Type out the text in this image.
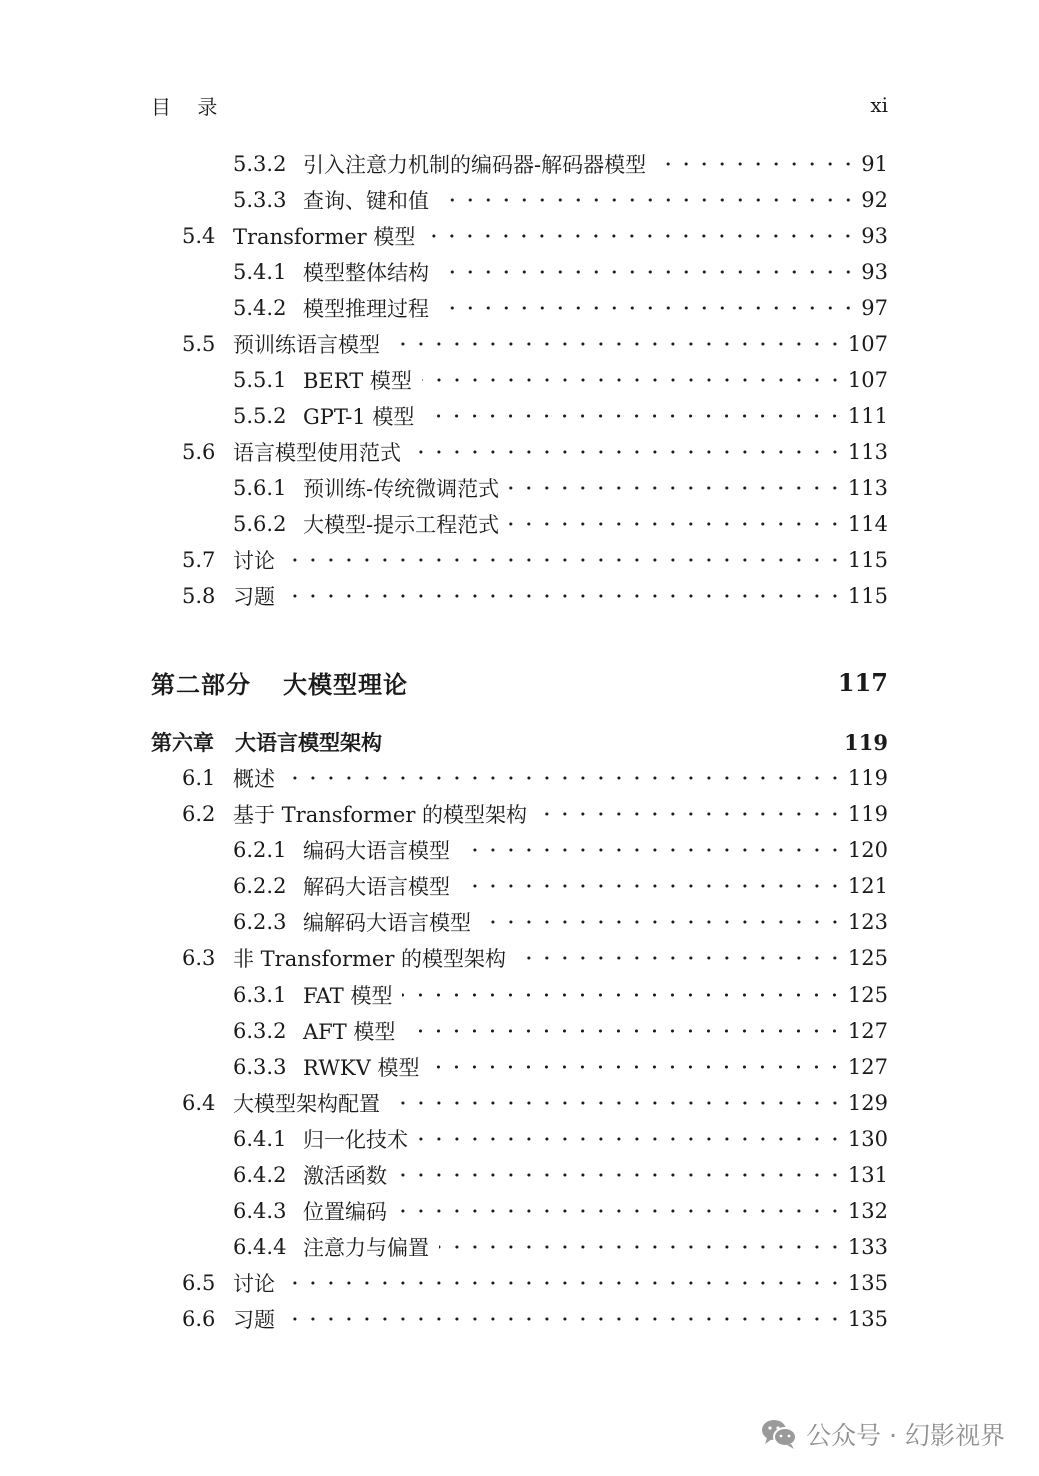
目 录	xi
5.3.2 引入注意力机制的编码器-解码器模型	91
5.3.3 查询、键和值	92
5.4 Transformer 模型	93
5.4.1 模型整体结构	93
5.4.2 模型推理过程	97
5.5 预训练语言模型	107
5.5.1 BERT 模型	107
5.5.2 GPT-1 模型	111
5.6 语言模型使用范式	113
5.6.1 预训练-传统微调范式	113
5.6.2 大模型-提示工程范式	114
5.7 讨论	115
5.8 习题	115
第二部分 大模型理论	117
第六章	大语言模型架构	119
6.1 概述	119
6.2 基于 Transformer 的模型架构	119
6.2.1 编码大语言模型	120
6.2.2 解码大语言模型	121
6.2.3 编解码大语言模型	123
6.3 非 Transformer 的模型架构	125
6.3.1 FAT 模型	125
6.3.2 AFT 模型	127
6.3.3 RWKV 模型	127
6.4 大模型架构配置	129
6.4.1 归一化技术	130
6.4.2 激活函数	131
6.4.3 位置编码	132
6.4.4 注意力与偏置	133
6.5 讨论	135
6.6 习题	135
公众号 · 幻影视界
